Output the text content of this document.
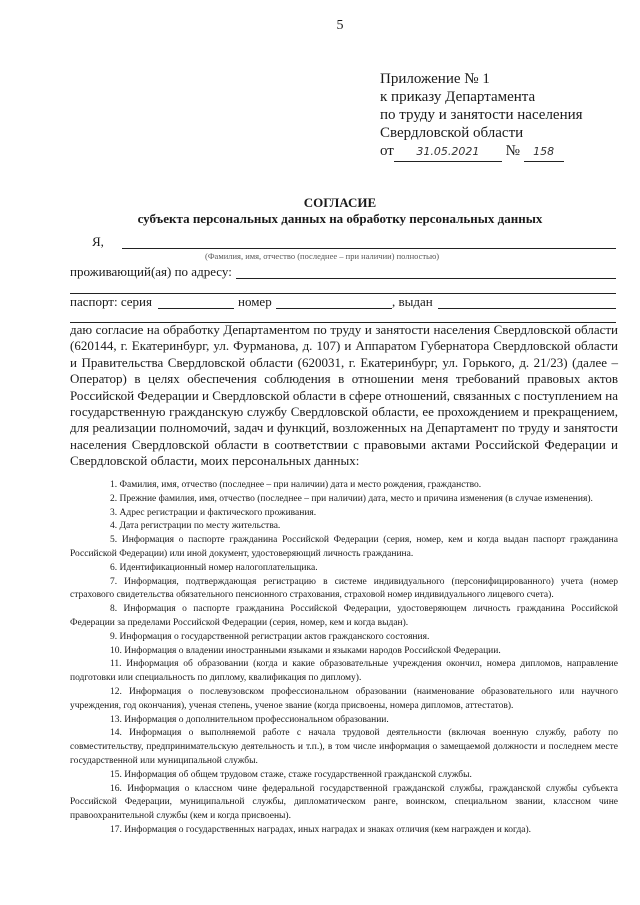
5
Приложение № 1
к приказу Департамента
по труду и занятости населения
Свердловской области
от 31.05.2021 № 158
СОГЛАСИЕ
субъекта персональных данных на обработку персональных данных
Я,
(Фамилия, имя, отчество (последнее – при наличии) полностью)
проживающий(ая) по адресу:
паспорт: серия	номер	, выдан
даю согласие на обработку Департаментом по труду и занятости населения Свердловской области (620144, г. Екатеринбург, ул. Фурманова, д. 107) и Аппаратом Губернатора Свердловской области и Правительства Свердловской области (620031, г. Екатеринбург, ул. Горького, д. 21/23) (далее – Оператор) в целях обеспечения соблюдения в отношении меня требований правовых актов Российской Федерации и Свердловской области в сфере отношений, связанных с поступлением на государственную гражданскую службу Свердловской области, ее прохождением и прекращением, для реализации полномочий, задач и функций, возложенных на Департамент по труду и занятости населения Свердловской области в соответствии с правовыми актами Российской Федерации и Свердловской области, моих персональных данных:

1. Фамилия, имя, отчество (последнее – при наличии) дата и место рождения, гражданство.

2. Прежние фамилия, имя, отчество (последнее – при наличии) дата, место и причина изменения (в случае изменения).

3. Адрес регистрации и фактического проживания.

4. Дата регистрации по месту жительства.

5. Информация о паспорте гражданина Российской Федерации (серия, номер, кем и когда выдан паспорт гражданина Российской Федерации) или иной документ, удостоверяющий личность гражданина.

6. Идентификационный номер налогоплательщика.

7. Информация, подтверждающая регистрацию в системе индивидуального (персонифицированного) учета (номер страхового свидетельства обязательного пенсионного страхования, страховой номер индивидуального лицевого счета).

8. Информация о паспорте гражданина Российской Федерации, удостоверяющем личность гражданина Российской Федерации за пределами Российской Федерации (серия, номер, кем и когда выдан).

9. Информация о государственной регистрации актов гражданского состояния.

10. Информация о владении иностранными языками и языками народов Российской Федерации.

11. Информация об образовании (когда и какие образовательные учреждения окончил, номера дипломов, направление подготовки или специальность по диплому, квалификация по диплому).

12. Информация о послевузовском профессиональном образовании (наименование образовательного или научного учреждения, год окончания), ученая степень, ученое звание (когда присвоены, номера дипломов, аттестатов).

13. Информация о дополнительном профессиональном образовании.

14. Информация о выполняемой работе с начала трудовой деятельности (включая военную службу, работу по совместительству, предпринимательскую деятельность и т.п.), в том числе информация о замещаемой должности и последнем месте государственной или муниципальной службы.

15. Информация об общем трудовом стаже, стаже государственной гражданской службы.

16. Информация о классном чине федеральной государственной гражданской службы, гражданской службы субъекта Российской Федерации, муниципальной службы, дипломатическом ранге, воинском, специальном звании, классном чине правоохранительной службы (кем и когда присвоены).

17. Информация о государственных наградах, иных наградах и знаках отличия (кем награжден и когда).
